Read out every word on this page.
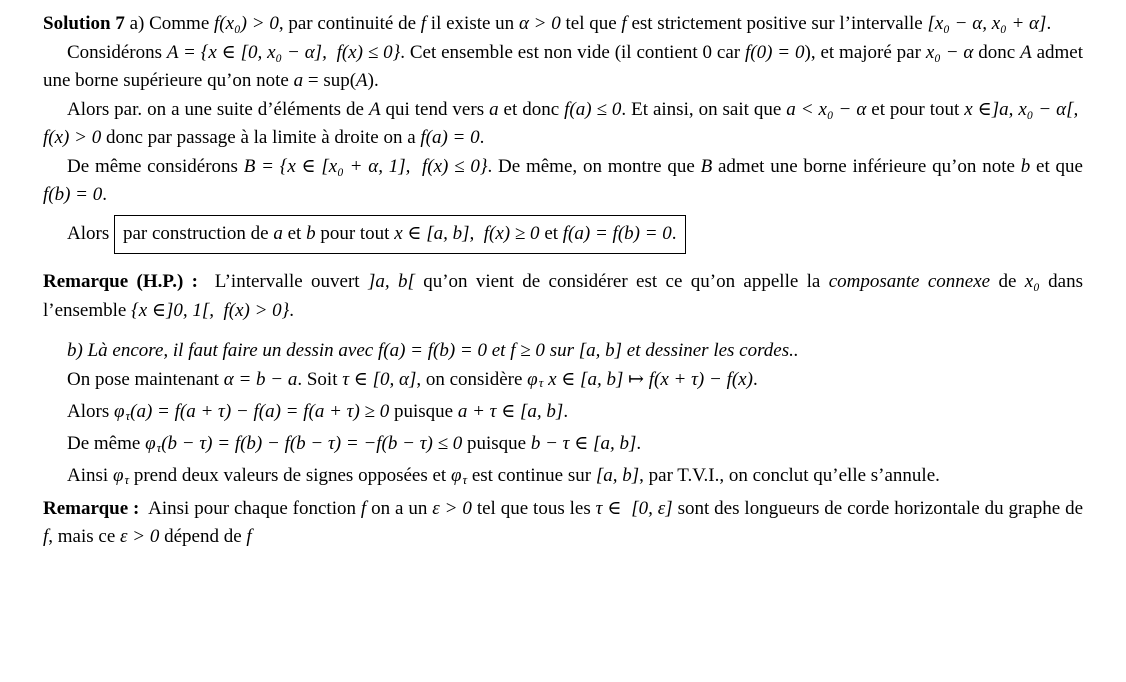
Solution 7 a) Comme f(x₀) > 0, par continuité de f il existe un α > 0 tel que f est strictement positive sur l’intervalle [x₀ − α, x₀ + α].

Considérons A = {x ∈ [0, x₀ − α],  f(x) ≤ 0}. Cet ensemble est non vide (il contient 0 car f(0) = 0), et majoré par x₀ − α donc A admet une borne supérieure qu’on note a = sup(A).

Alors par. on a une suite d’éléments de A qui tend vers a et donc f(a) ≤ 0. Et ainsi, on sait que a < x₀ − α et pour tout x ∈]a, x₀ − α[,  f(x) > 0 donc par passage à la limite à droite on a f(a) = 0.

De même considérons B = {x ∈ [x₀ + α, 1],  f(x) ≤ 0}. De même, on montre que B admet une borne inférieure qu’on note b et que f(b) = 0.

Alors par construction de a et b pour tout x ∈ [a, b],  f(x) ≥ 0 et f(a) = f(b) = 0.

Remarque (H.P.) :  L’intervalle ouvert ]a, b[ qu’on vient de considérer est ce qu’on appelle la composante connexe de x₀ dans l’ensemble {x ∈]0, 1[,  f(x) > 0}.

b) Là encore, il faut faire un dessin avec f(a) = f(b) = 0 et f ≥ 0 sur [a, b] et dessiner les cordes..

On pose maintenant α = b − a. Soit τ ∈ [0, α], on considère φτ x ∈ [a, b] ↦ f(x + τ) − f(x).

Alors φτ(a) = f(a + τ) − f(a) = f(a + τ) ≥ 0 puisque a + τ ∈ [a, b].

De même φτ(b − τ) = f(b) − f(b − τ) = −f(b − τ) ≤ 0 puisque b − τ ∈ [a, b].

Ainsi φτ prend deux valeurs de signes opposées et φτ est continue sur [a, b], par T.V.I., on conclut qu’elle s’annule.

Remarque :  Ainsi pour chaque fonction f on a un ε > 0 tel que tous les τ ∈  [0, ε] sont des longueurs de corde horizontale du graphe de f, mais ce ε > 0 dépend de f
